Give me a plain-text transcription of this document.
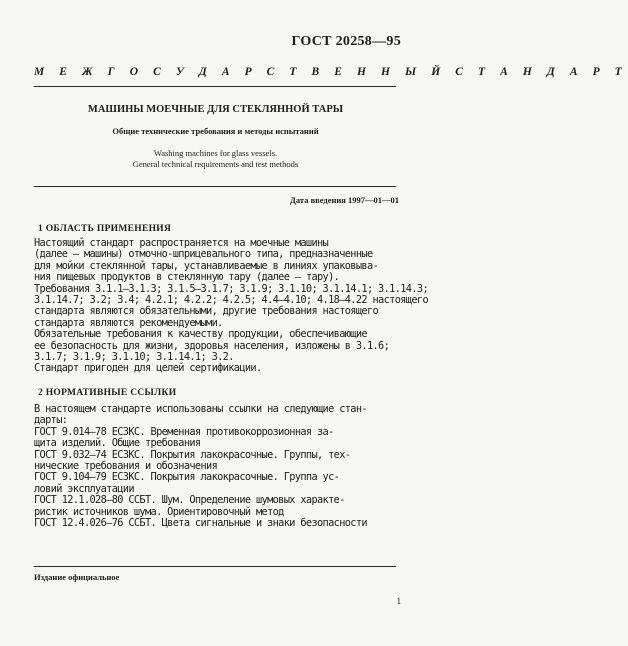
ГОСТ 20258—95
М Е Ж Г О С У Д А Р С Т В Е Н Н Ы Й С Т А Н Д А Р Т
МАШИНЫ МОЕЧНЫЕ ДЛЯ СТЕКЛЯННОЙ ТАРЫ
Общие технические требования и методы испытаний
Washing machines for glass vessels.
General technical requirements and test methods
Дата введения 1997—01—01
1 ОБЛАСТЬ ПРИМЕНЕНИЯ
Настоящий стандарт распространяется на моечные машины
(далее — машины) отмочно-шприцевального типа, предназначенные
для мойки стеклянной тары, устанавливаемые в линиях упаковыва-
ния пищевых продуктов в стеклянную тару (далее — тару).
Требования 3.1.1—3.1.3; 3.1.5—3.1.7; 3.1.9; 3.1.10; 3.1.14.1; 3.1.14.3;
3.1.14.7; 3.2; 3.4; 4.2.1; 4.2.2; 4.2.5; 4.4—4.10; 4.18—4.22 настоящего
стандарта являются обязательными, другие требования настоящего
стандарта являются рекомендуемыми.
Обязательные требования к качеству продукции, обеспечивающие
ее безопасность для жизни, здоровья населения, изложены в 3.1.6;
3.1.7; 3.1.9; 3.1.10; 3.1.14.1; 3.2.
Стандарт пригоден для целей сертификации.
2 НОРМАТИВНЫЕ ССЫЛКИ
В настоящем стандарте использованы ссылки на следующие стан-
дарты:
ГОСТ 9.014—78 ЕСЗКС. Временная противокоррозионная за-
щита изделий. Общие требования
ГОСТ 9.032—74 ЕСЗКС. Покрытия лакокрасочные. Группы, тех-
нические требования и обозначения
ГОСТ 9.104—79 ЕСЗКС. Покрытия лакокрасочные. Группа ус-
ловий эксплуатации
ГОСТ 12.1.028—80 ССБТ. Шум. Определение шумовых характе-
ристик источников шума. Ориентировочный метод
ГОСТ 12.4.026—76 ССБТ. Цвета сигнальные и знаки безопасности
Издание официальное
1
